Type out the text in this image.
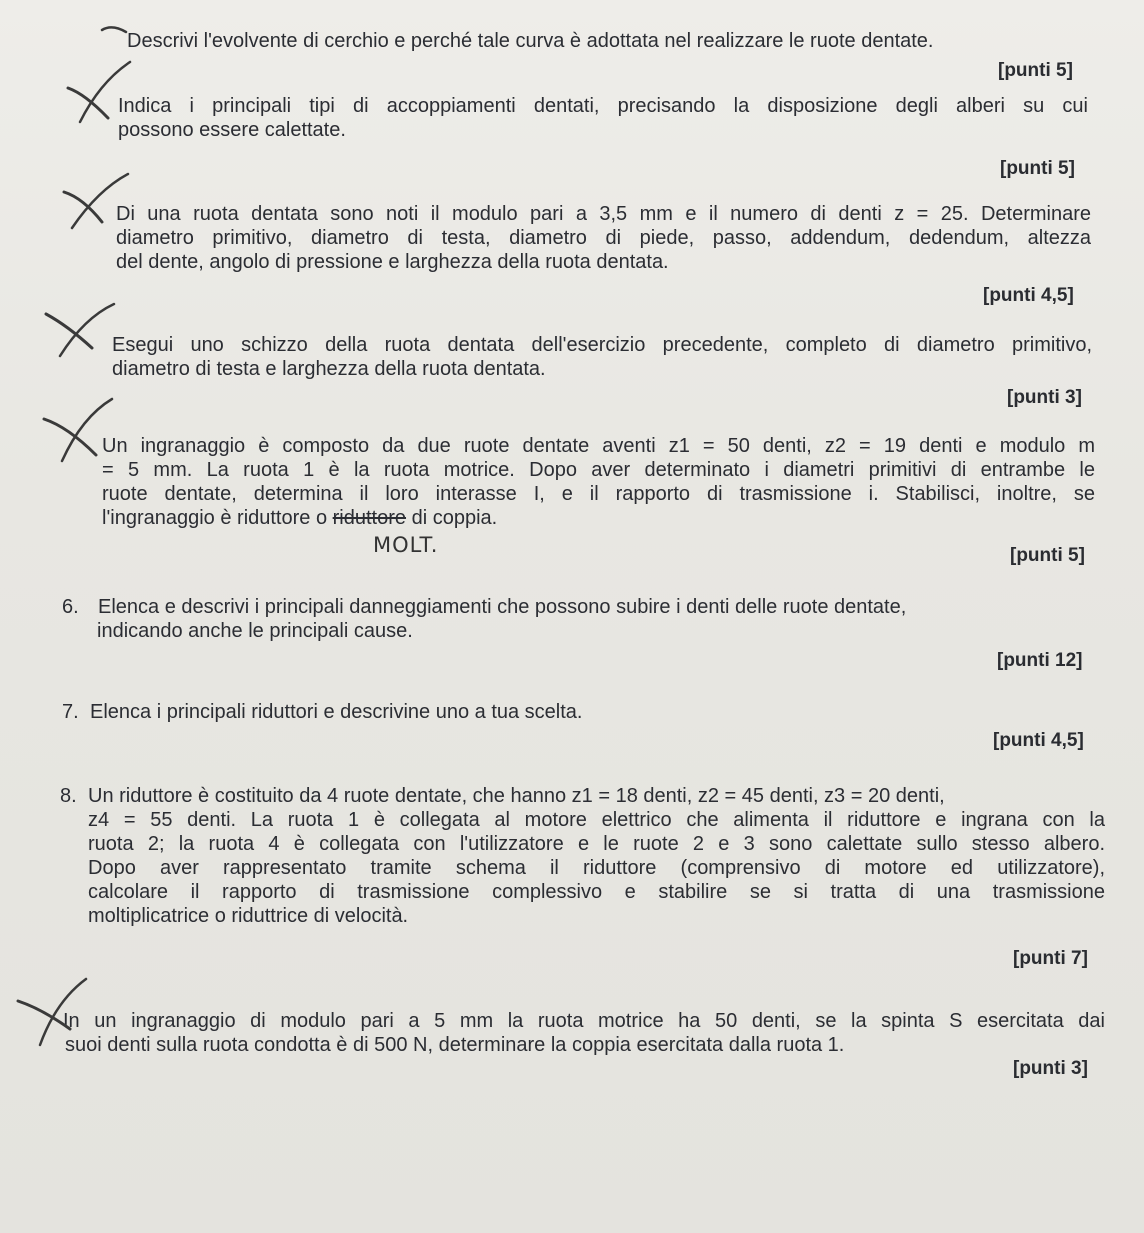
Descrivi l'evolvente di cerchio e perché tale curva è adottata nel realizzare le ruote dentate.
[punti 5]
Indica i principali tipi di accoppiamenti dentati, precisando la disposizione degli alberi su cui
possono essere calettate.
[punti 5]
Di una ruota dentata sono noti il modulo pari a 3,5 mm e il numero di denti z = 25. Determinare
diametro primitivo, diametro di testa, diametro di piede, passo, addendum, dedendum, altezza
del dente, angolo di pressione e larghezza della ruota dentata.
[punti 4,5]
Esegui uno schizzo della ruota dentata dell'esercizio precedente, completo di diametro primitivo,
diametro di testa e larghezza della ruota dentata.
[punti 3]
Un ingranaggio è composto da due ruote dentate aventi z1 = 50 denti, z2 = 19 denti e modulo m
= 5 mm. La ruota 1 è la ruota motrice. Dopo aver determinato i diametri primitivi di entrambe le
ruote dentate, determina il loro interasse I, e il rapporto di trasmissione i. Stabilisci, inoltre, se
l'ingranaggio è riduttore o riduttore di coppia.
MOLT.	[punti 5]
6. Elenca e descrivi i principali danneggiamenti che possono subire i denti delle ruote dentate,
indicando anche le principali cause.
[punti 12]
7. Elenca i principali riduttori e descrivine uno a tua scelta.
[punti 4,5]
8. Un riduttore è costituito da 4 ruote dentate, che hanno z1 = 18 denti, z2 = 45 denti, z3 = 20 denti,
z4 = 55 denti. La ruota 1 è collegata al motore elettrico che alimenta il riduttore e ingrana con la
ruota 2; la ruota 4 è collegata con l'utilizzatore e le ruote 2 e 3 sono calettate sullo stesso albero.
Dopo aver rappresentato tramite schema il riduttore (comprensivo di motore ed utilizzatore),
calcolare il rapporto di trasmissione complessivo e stabilire se si tratta di una trasmissione
moltiplicatrice o riduttrice di velocità.
[punti 7]
In un ingranaggio di modulo pari a 5 mm la ruota motrice ha 50 denti, se la spinta S esercitata dai
suoi denti sulla ruota condotta è di 500 N, determinare la coppia esercitata dalla ruota 1.
[punti 3]
